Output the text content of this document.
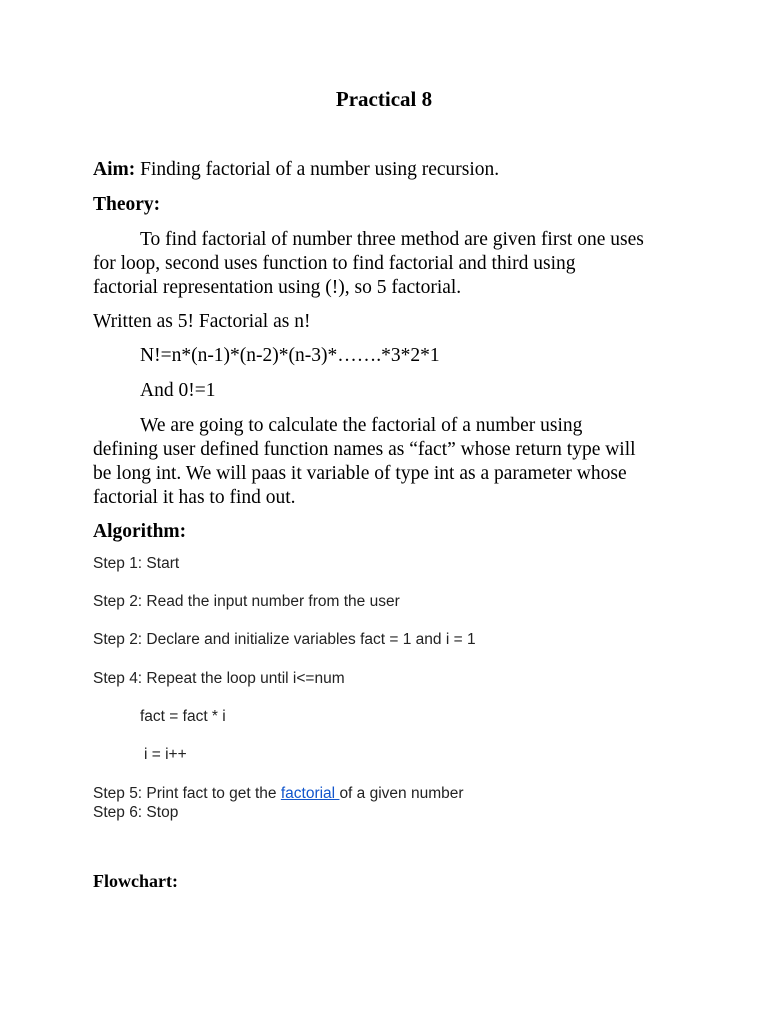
Practical 8
Aim: Finding factorial of a number using recursion.
Theory:
To find factorial of number three method are given first one uses
for loop, second uses function to find factorial and third using
factorial representation using (!), so 5 factorial.
Written as 5! Factorial as n!
N!=n*(n-1)*(n-2)*(n-3)*…….*3*2*1
And 0!=1
We are going to calculate the factorial of a number using
defining user defined function names as “fact” whose return type will
be long int. We will paas it variable of type int as a parameter whose
factorial it has to find out.
Algorithm:
Step 1: Start
Step 2: Read the input number from the user
Step 2: Declare and initialize variables fact = 1 and i = 1
Step 4: Repeat the loop until i<=num
fact = fact * i
i = i++
Step 5: Print fact to get the factorial of a given number
Step 6: Stop
Flowchart:
